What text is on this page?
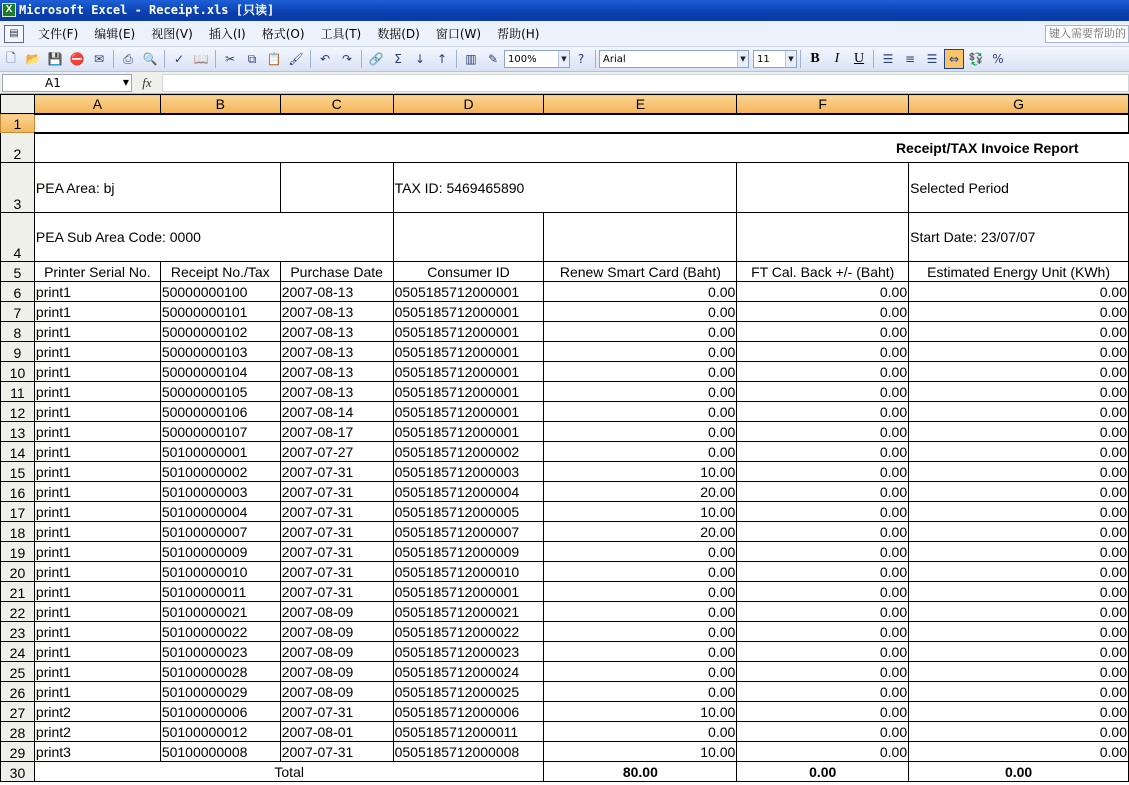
X Microsoft Excel - Receipt.xls [只读]
▤	文件(F)	编辑(E)	视图(V)	插入(I)	格式(O)	工具(T)	数据(D)	窗口(W)	帮助(H)	键入需要帮助的
🗋 📂 💾 ⛔ ✉	⎙ 🔍	✓ 📖	✂	⧉ 📋 🖌	↶ ↷	🔗 Σ	↓ ↑	▥ ✎ 100%	▼ ?	Arial	▼ 11	▼	B	I	U	☰ ≡ ☰ ⇔ 💱 %
A1	▼	fx
	A	B	C	D	E	F	G
1							
2	Receipt/TAX Invoice Report						
3	PEA Area: bj			TAX ID: 5469465890			Selected Period
4	PEA Sub Area Code: 0000						Start Date: 23/07/07
5	Printer Serial No.	Receipt No./Tax	Purchase Date	Consumer ID	Renew Smart Card (Baht)	FT Cal. Back +/- (Baht)	Estimated Energy Unit (KWh)
6	print1	50000000100	2007-08-13	0505185712000001	0.00	0.00	0.00
7	print1	50000000101	2007-08-13	0505185712000001	0.00	0.00	0.00
8	print1	50000000102	2007-08-13	0505185712000001	0.00	0.00	0.00
9	print1	50000000103	2007-08-13	0505185712000001	0.00	0.00	0.00
10	print1	50000000104	2007-08-13	0505185712000001	0.00	0.00	0.00
11	print1	50000000105	2007-08-13	0505185712000001	0.00	0.00	0.00
12	print1	50000000106	2007-08-14	0505185712000001	0.00	0.00	0.00
13	print1	50000000107	2007-08-17	0505185712000001	0.00	0.00	0.00
14	print1	50100000001	2007-07-27	0505185712000002	0.00	0.00	0.00
15	print1	50100000002	2007-07-31	0505185712000003	10.00	0.00	0.00
16	print1	50100000003	2007-07-31	0505185712000004	20.00	0.00	0.00
17	print1	50100000004	2007-07-31	0505185712000005	10.00	0.00	0.00
18	print1	50100000007	2007-07-31	0505185712000007	20.00	0.00	0.00
19	print1	50100000009	2007-07-31	0505185712000009	0.00	0.00	0.00
20	print1	50100000010	2007-07-31	0505185712000010	0.00	0.00	0.00
21	print1	50100000011	2007-07-31	0505185712000001	0.00	0.00	0.00
22	print1	50100000021	2007-08-09	0505185712000021	0.00	0.00	0.00
23	print1	50100000022	2007-08-09	0505185712000022	0.00	0.00	0.00
24	print1	50100000023	2007-08-09	0505185712000023	0.00	0.00	0.00
25	print1	50100000028	2007-08-09	0505185712000024	0.00	0.00	0.00
26	print1	50100000029	2007-08-09	0505185712000025	0.00	0.00	0.00
27	print2	50100000006	2007-07-31	0505185712000006	10.00	0.00	0.00
28	print2	50100000012	2007-08-01	0505185712000011	0.00	0.00	0.00
29	print3	50100000008	2007-07-31	0505185712000008	10.00	0.00	0.00
30	Total				80.00	0.00	0.00
